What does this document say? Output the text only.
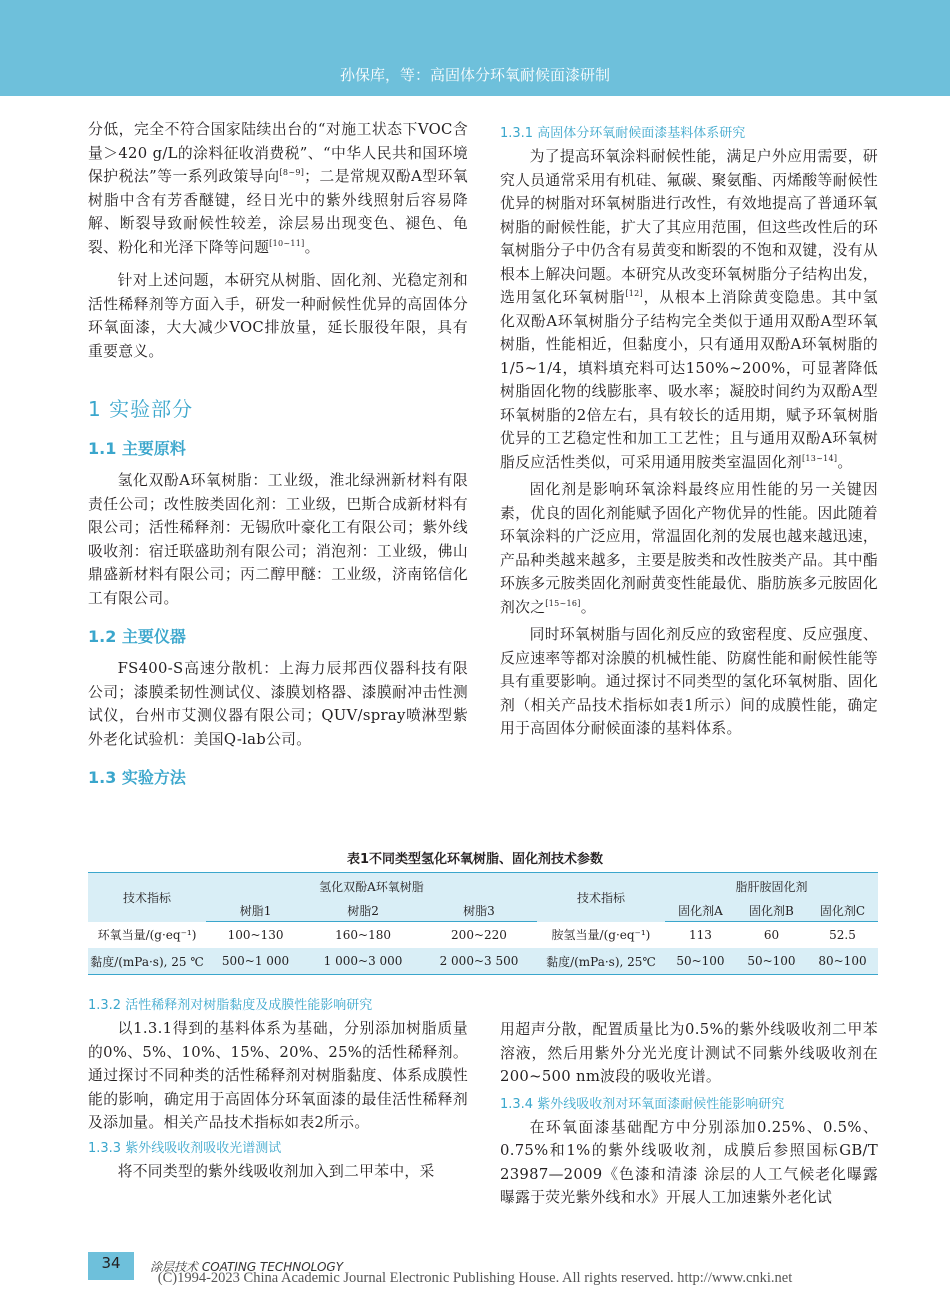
孙保库，等：高固体分环氧耐候面漆研制

分低，完全不符合国家陆续出台的“对施工状态下VOC含量＞420 g/L的涂料征收消费税”、“中华人民共和国环境保护税法”等一系列政策导向[8~9]；二是常规双酚A型环氧树脂中含有芳香醚键，经日光中的紫外线照射后容易降解、断裂导致耐候性较差，涂层易出现变色、褪色、龟裂、粉化和光泽下降等问题[10~11]。

针对上述问题，本研究从树脂、固化剂、光稳定剂和活性稀释剂等方面入手，研发一种耐候性优异的高固体分环氧面漆，大大减少VOC排放量，延长服役年限，具有重要意义。

1 实验部分
1.1 主要原料

氢化双酚A环氧树脂：工业级，淮北绿洲新材料有限责任公司；改性胺类固化剂：工业级，巴斯合成新材料有限公司；活性稀释剂：无锡欣叶豪化工有限公司；紫外线吸收剂：宿迁联盛助剂有限公司；消泡剂：工业级，佛山鼎盛新材料有限公司；丙二醇甲醚：工业级，济南铭信化工有限公司。

1.2 主要仪器

FS400-S高速分散机：上海力辰邦西仪器科技有限公司；漆膜柔韧性测试仪、漆膜划格器、漆膜耐冲击性测试仪，台州市艾测仪器有限公司；QUV/spray喷淋型紫外老化试验机：美国Q-lab公司。

1.3 实验方法
1.3.1 高固体分环氧耐候面漆基料体系研究

为了提高环氧涂料耐候性能，满足户外应用需要，研究人员通常采用有机硅、氟碳、聚氨酯、丙烯酸等耐候性优异的树脂对环氧树脂进行改性，有效地提高了普通环氧树脂的耐候性能，扩大了其应用范围，但这些改性后的环氧树脂分子中仍含有易黄变和断裂的不饱和双键，没有从根本上解决问题。本研究从改变环氧树脂分子结构出发，选用氢化环氧树脂[12]，从根本上消除黄变隐患。其中氢化双酚A环氧树脂分子结构完全类似于通用双酚A型环氧树脂，性能相近，但黏度小，只有通用双酚A环氧树脂的1/5~1/4，填料填充料可达150%~200%，可显著降低树脂固化物的线膨胀率、吸水率；凝胶时间约为双酚A型环氧树脂的2倍左右，具有较长的适用期，赋予环氧树脂优异的工艺稳定性和加工工艺性；且与通用双酚A环氧树脂反应活性类似，可采用通用胺类室温固化剂[13~14]。

固化剂是影响环氧涂料最终应用性能的另一关键因素，优良的固化剂能赋予固化产物优异的性能。因此随着环氧涂料的广泛应用，常温固化剂的发展也越来越迅速，产品种类越来越多，主要是胺类和改性胺类产品。其中酯环族多元胺类固化剂耐黄变性能最优、脂肪族多元胺固化剂次之[15~16]。

同时环氧树脂与固化剂反应的致密程度、反应强度、反应速率等都对涂膜的机械性能、防腐性能和耐候性能等具有重要影响。通过探讨不同类型的氢化环氧树脂、固化剂（相关产品技术指标如表1所示）间的成膜性能，确定用于高固体分耐候面漆的基料体系。

表1不同类型氢化环氧树脂、固化剂技术参数
技术指标	氢化双酚A环氧树脂			技术指标	脂肝胺固化剂		
	树脂1	树脂2	树脂3		固化剂A	固化剂B	固化剂C
环氧当量/(g·eq⁻¹)	100~130	160~180	200~220	胺氢当量/(g·eq⁻¹)	113	60	52.5
黏度/(mPa·s), 25 ℃	500~1 000	1 000~3 000	2 000~3 500	黏度/(mPa·s), 25℃	50~100	50~100	80~100
1.3.2 活性稀释剂对树脂黏度及成膜性能影响研究

以1.3.1得到的基料体系为基础，分别添加树脂质量的0%、5%、10%、15%、20%、25%的活性稀释剂。通过探讨不同种类的活性稀释剂对树脂黏度、体系成膜性能的影响，确定用于高固体分环氧面漆的最佳活性稀释剂及添加量。相关产品技术指标如表2所示。

1.3.3 紫外线吸收剂吸收光谱测试

将不同类型的紫外线吸收剂加入到二甲苯中，采

用超声分散，配置质量比为0.5%的紫外线吸收剂二甲苯溶液，然后用紫外分光光度计测试不同紫外线吸收剂在200~500 nm波段的吸收光谱。

1.3.4 紫外线吸收剂对环氧面漆耐候性能影响研究

在环氧面漆基础配方中分别添加0.25%、0.5%、0.75%和1%的紫外线吸收剂，成膜后参照国标GB/T 23987—2009《色漆和清漆 涂层的人工气候老化曝露 曝露于荧光紫外线和水》开展人工加速紫外老化试

34	涂层技术 COATING TECHNOLOGY
(C)1994-2023 China Academic Journal Electronic Publishing House. All rights reserved. http://www.cnki.net
